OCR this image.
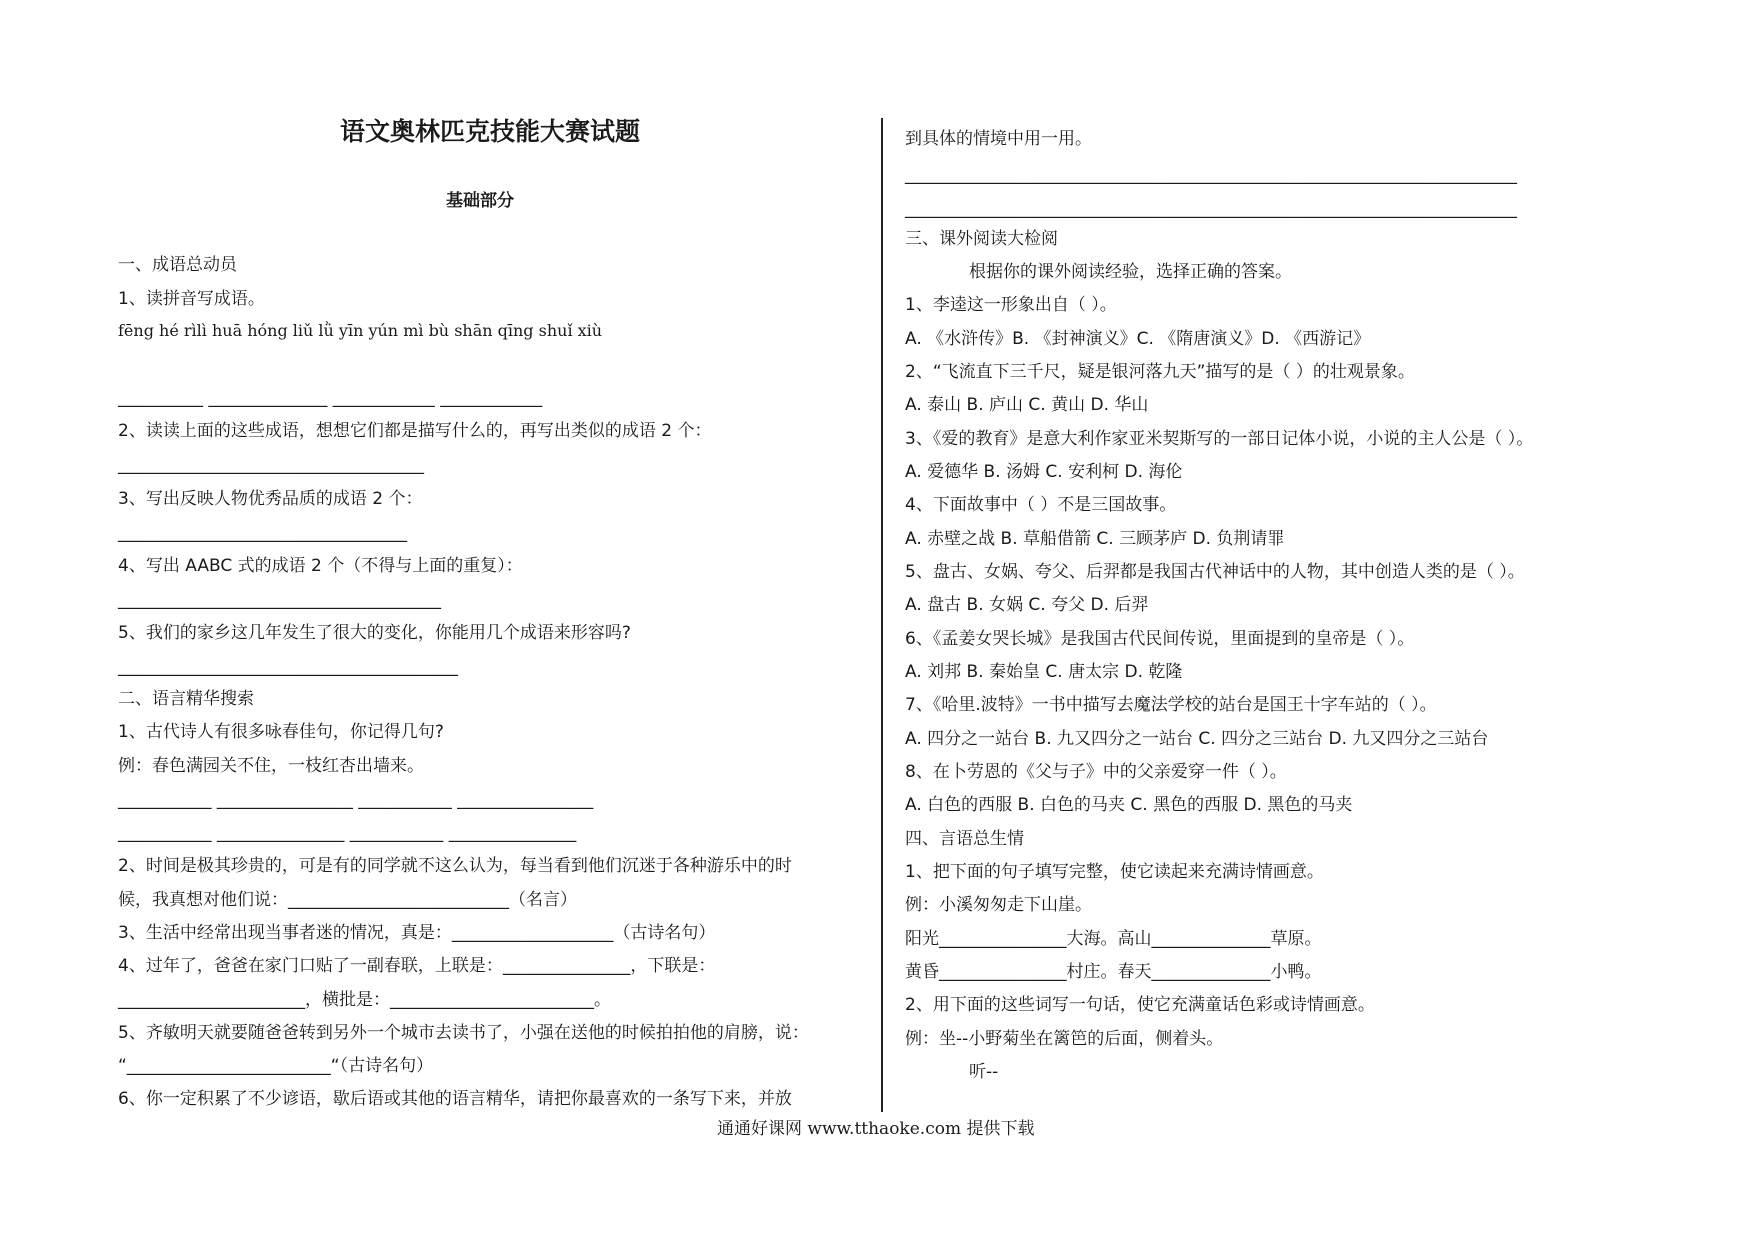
语文奥林匹克技能大赛试题
基础部分
一、成语总动员
1、读拼音写成语。
fēng hé rìlì huā hóng liǔ lǜ yīn yún mì bù shān qīng shuǐ xiù
__________ ______________ ____________ ____________
2、读读上面的这些成语，想想它们都是描写什么的，再写出类似的成语 2 个：
____________________________________
3、写出反映人物优秀品质的成语 2 个：
__________________________________
4、写出 AABC 式的成语 2 个（不得与上面的重复）：
______________________________________
5、我们的家乡这几年发生了很大的变化，你能用几个成语来形容吗?
________________________________________
二、语言精华搜索
1、古代诗人有很多咏春佳句，你记得几句?
例：春色满园关不住，一枝红杏出墙来。
___________ ________________ ___________ ________________
___________ _______________ ___________ _______________
2、时间是极其珍贵的，可是有的同学就不这么认为，每当看到他们沉迷于各种游乐中的时
候，我真想对他们说：__________________________（名言）
3、生活中经常出现当事者迷的情况，真是：___________________（古诗名句）
4、过年了，爸爸在家门口贴了一副春联，上联是：_______________，下联是：
______________________，横批是：________________________。
5、齐敏明天就要随爸爸转到另外一个城市去读书了，小强在送他的时候拍拍他的肩膀，说：
“________________________“（古诗名句）
6、你一定积累了不少谚语，歇后语或其他的语言精华，请把你最喜欢的一条写下来，并放
到具体的情境中用一用。
________________________________________________________________________
________________________________________________________________________
三、课外阅读大检阅
根据你的课外阅读经验，选择正确的答案。
1、李逵这一形象出自（ ）。
A. 《水浒传》B. 《封神演义》C. 《隋唐演义》D. 《西游记》
2、“飞流直下三千尺，疑是银河落九天”描写的是（ ）的壮观景象。
A. 泰山 B. 庐山 C. 黄山 D. 华山
3、《爱的教育》是意大利作家亚米契斯写的一部日记体小说，小说的主人公是（ ）。
A. 爱德华 B. 汤姆 C. 安利柯 D. 海伦
4、下面故事中（ ）不是三国故事。
A. 赤壁之战 B. 草船借箭 C. 三顾茅庐 D. 负荆请罪
5、盘古、女娲、夸父、后羿都是我国古代神话中的人物，其中创造人类的是（ ）。
A. 盘古 B. 女娲 C. 夸父 D. 后羿
6、《孟姜女哭长城》是我国古代民间传说，里面提到的皇帝是（ ）。
A. 刘邦 B. 秦始皇 C. 唐太宗 D. 乾隆
7、《哈里.波特》一书中描写去魔法学校的站台是国王十字车站的（ ）。
A. 四分之一站台 B. 九又四分之一站台 C. 四分之三站台 D. 九又四分之三站台
8、在卜劳恩的《父与子》中的父亲爱穿一件（ ）。
A. 白色的西服 B. 白色的马夹 C. 黑色的西服 D. 黑色的马夹
四、言语总生情
1、把下面的句子填写完整，使它读起来充满诗情画意。
例：小溪匆匆走下山崖。
阳光_______________大海。高山______________草原。
黄昏_______________村庄。春天______________小鸭。
2、用下面的这些词写一句话，使它充满童话色彩或诗情画意。
例：坐--小野菊坐在篱笆的后面，侧着头。
听--
通通好课网 www.tthaoke.com 提供下载
